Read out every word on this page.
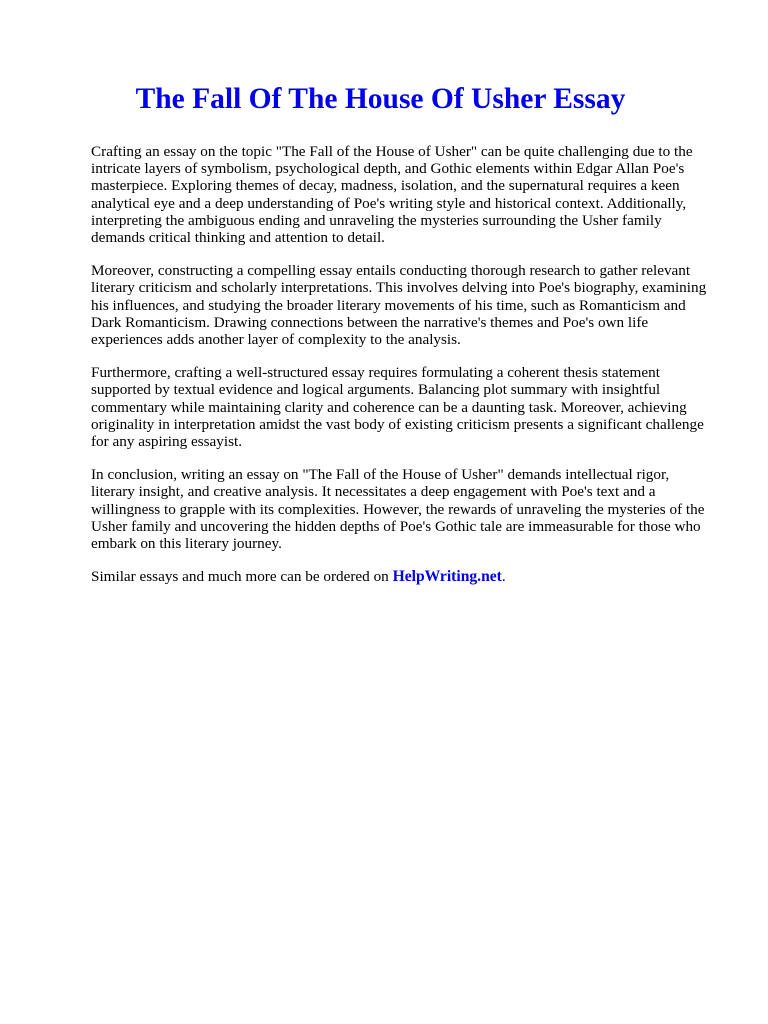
The Fall Of The House Of Usher Essay

Crafting an essay on the topic "The Fall of the House of Usher" can be quite challenging due to the
intricate layers of symbolism, psychological depth, and Gothic elements within Edgar Allan Poe's
masterpiece. Exploring themes of decay, madness, isolation, and the supernatural requires a keen
analytical eye and a deep understanding of Poe's writing style and historical context. Additionally,
interpreting the ambiguous ending and unraveling the mysteries surrounding the Usher family
demands critical thinking and attention to detail.

Moreover, constructing a compelling essay entails conducting thorough research to gather relevant
literary criticism and scholarly interpretations. This involves delving into Poe's biography, examining
his influences, and studying the broader literary movements of his time, such as Romanticism and
Dark Romanticism. Drawing connections between the narrative's themes and Poe's own life
experiences adds another layer of complexity to the analysis.

Furthermore, crafting a well-structured essay requires formulating a coherent thesis statement
supported by textual evidence and logical arguments. Balancing plot summary with insightful
commentary while maintaining clarity and coherence can be a daunting task. Moreover, achieving
originality in interpretation amidst the vast body of existing criticism presents a significant challenge
for any aspiring essayist.

In conclusion, writing an essay on "The Fall of the House of Usher" demands intellectual rigor,
literary insight, and creative analysis. It necessitates a deep engagement with Poe's text and a
willingness to grapple with its complexities. However, the rewards of unraveling the mysteries of the
Usher family and uncovering the hidden depths of Poe's Gothic tale are immeasurable for those who
embark on this literary journey.

Similar essays and much more can be ordered on HelpWriting.net.
